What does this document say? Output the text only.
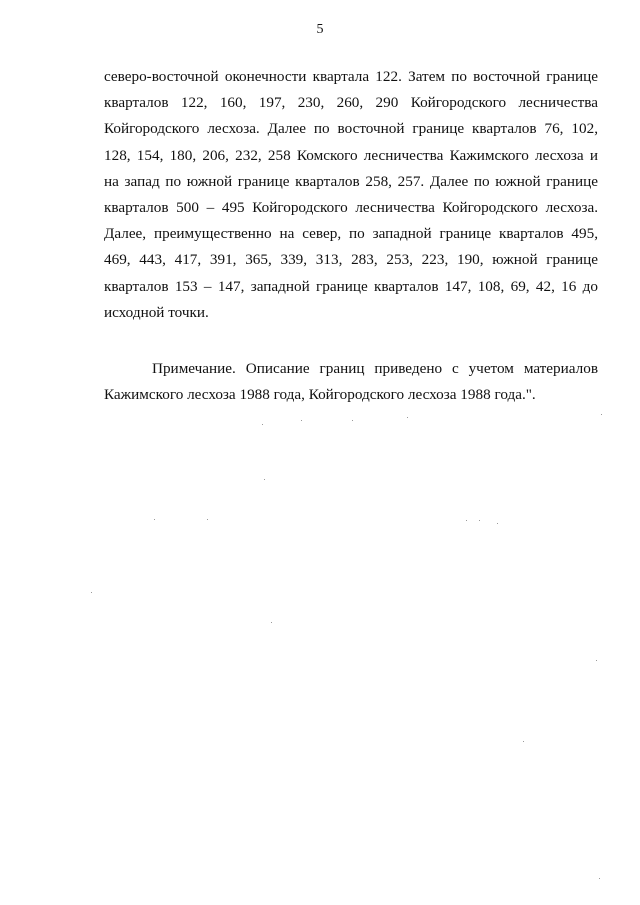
5
северо-восточной оконечности квартала 122. Затем по восточной границе
кварталов 122, 160, 197, 230, 260, 290 Койгородского лесничества
Койгородского лесхоза. Далее по восточной границе кварталов 76, 102,
128, 154, 180, 206, 232, 258 Комского лесничества Кажимского лесхоза и
на запад по южной границе кварталов 258, 257. Далее по южной границе
кварталов 500 – 495 Койгородского лесничества Койгородского лесхоза.
Далее, преимущественно на север, по западной границе кварталов 495,
469, 443, 417, 391, 365, 339, 313, 283, 253, 223, 190, южной границе
кварталов 153 – 147, западной границе кварталов 147, 108, 69, 42, 16 до
исходной точки.
Примечание. Описание границ приведено с учетом материалов
Кажимского лесхоза 1988 года, Койгородского лесхоза 1988 года.".
